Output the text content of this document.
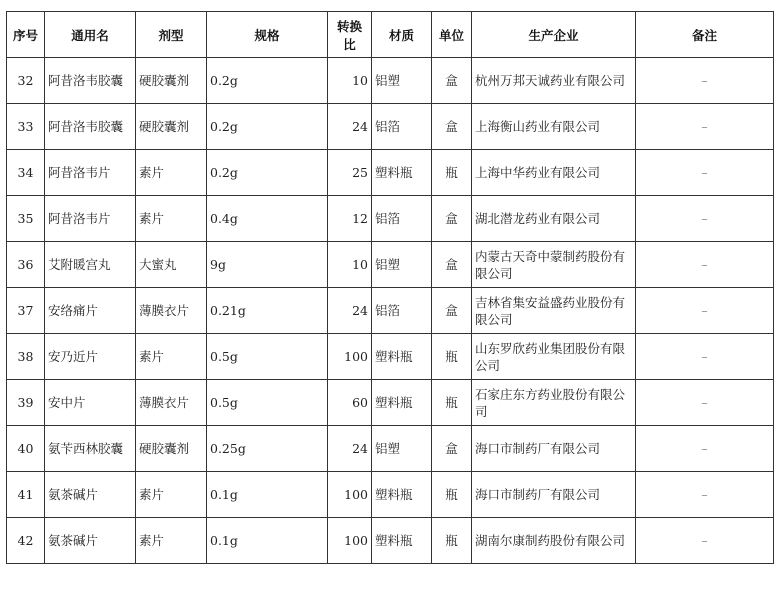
序号	通用名	剂型	规格	转换比	材质	单位	生产企业	备注
32	阿昔洛韦胶囊	硬胶囊剂	0.2g	10	铝塑	盒	杭州万邦天诚药业有限公司	–
33	阿昔洛韦胶囊	硬胶囊剂	0.2g	24	铝箔	盒	上海衡山药业有限公司	–
34	阿昔洛韦片	素片	0.2g	25	塑料瓶	瓶	上海中华药业有限公司	–
35	阿昔洛韦片	素片	0.4g	12	铝箔	盒	湖北潜龙药业有限公司	–
36	艾附暖宫丸	大蜜丸	9g	10	铝塑	盒	内蒙古天奇中蒙制药股份有限公司	–
37	安络痛片	薄膜衣片	0.21g	24	铝箔	盒	吉林省集安益盛药业股份有限公司	–
38	安乃近片	素片	0.5g	100	塑料瓶	瓶	山东罗欣药业集团股份有限公司	–
39	安中片	薄膜衣片	0.5g	60	塑料瓶	瓶	石家庄东方药业股份有限公司	–
40	氨苄西林胶囊	硬胶囊剂	0.25g	24	铝塑	盒	海口市制药厂有限公司	–
41	氨茶碱片	素片	0.1g	100	塑料瓶	瓶	海口市制药厂有限公司	–
42	氨茶碱片	素片	0.1g	100	塑料瓶	瓶	湖南尔康制药股份有限公司	–
